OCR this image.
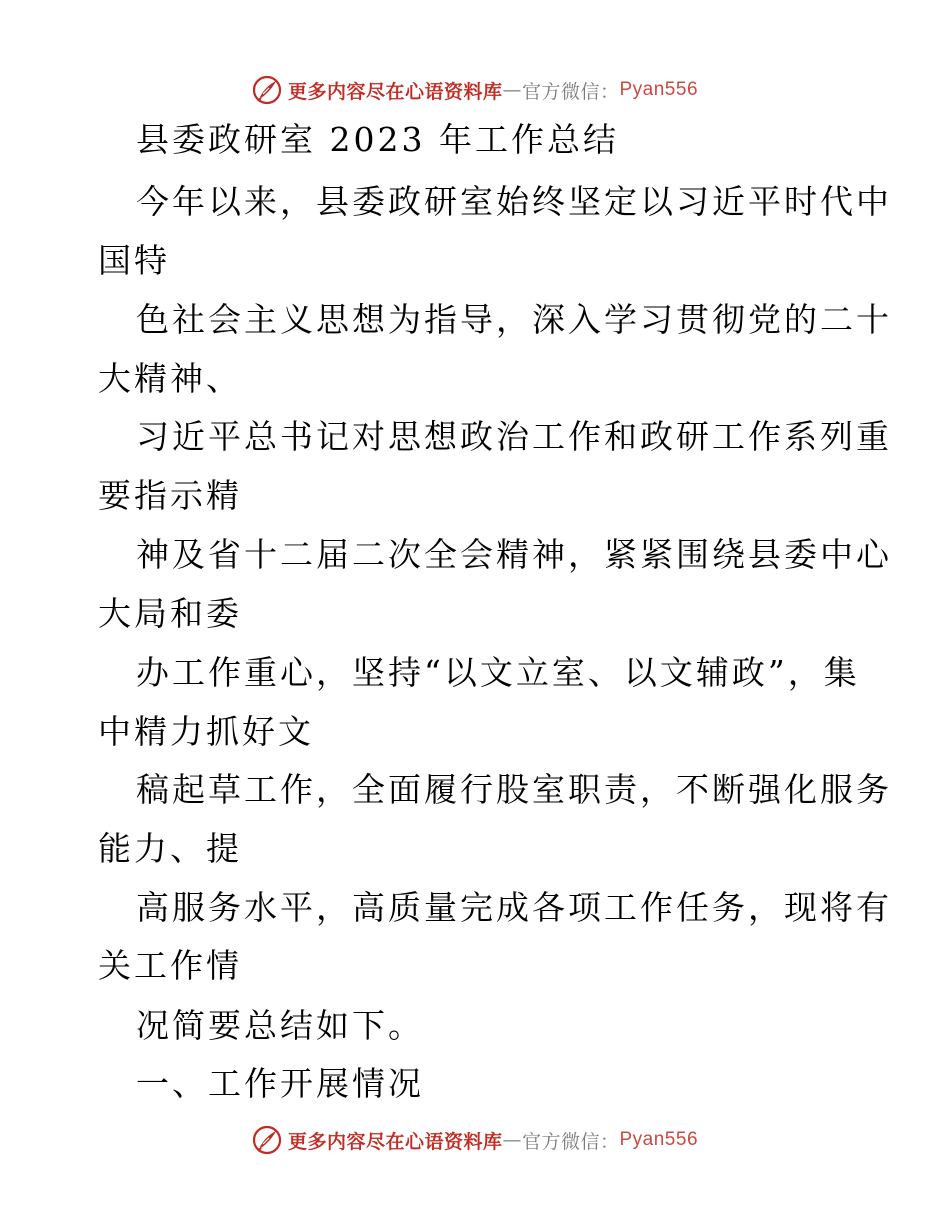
更多内容尽在心语资料库 — 官方微信： Pyan556
县委政研室 2023 年工作总结
今年以来，县委政研室始终坚定以习近平时代中
国特
色社会主义思想为指导，深入学习贯彻党的二十
大精神、
习近平总书记对思想政治工作和政研工作系列重
要指示精
神及省十二届二次全会精神，紧紧围绕县委中心
大局和委
办工作重心，坚持“以文立室、以文辅政”，集
中精力抓好文
稿起草工作，全面履行股室职责，不断强化服务
能力、提
高服务水平，高质量完成各项工作任务，现将有
关工作情
况简要总结如下。
一、工作开展情况
更多内容尽在心语资料库 — 官方微信： Pyan556
